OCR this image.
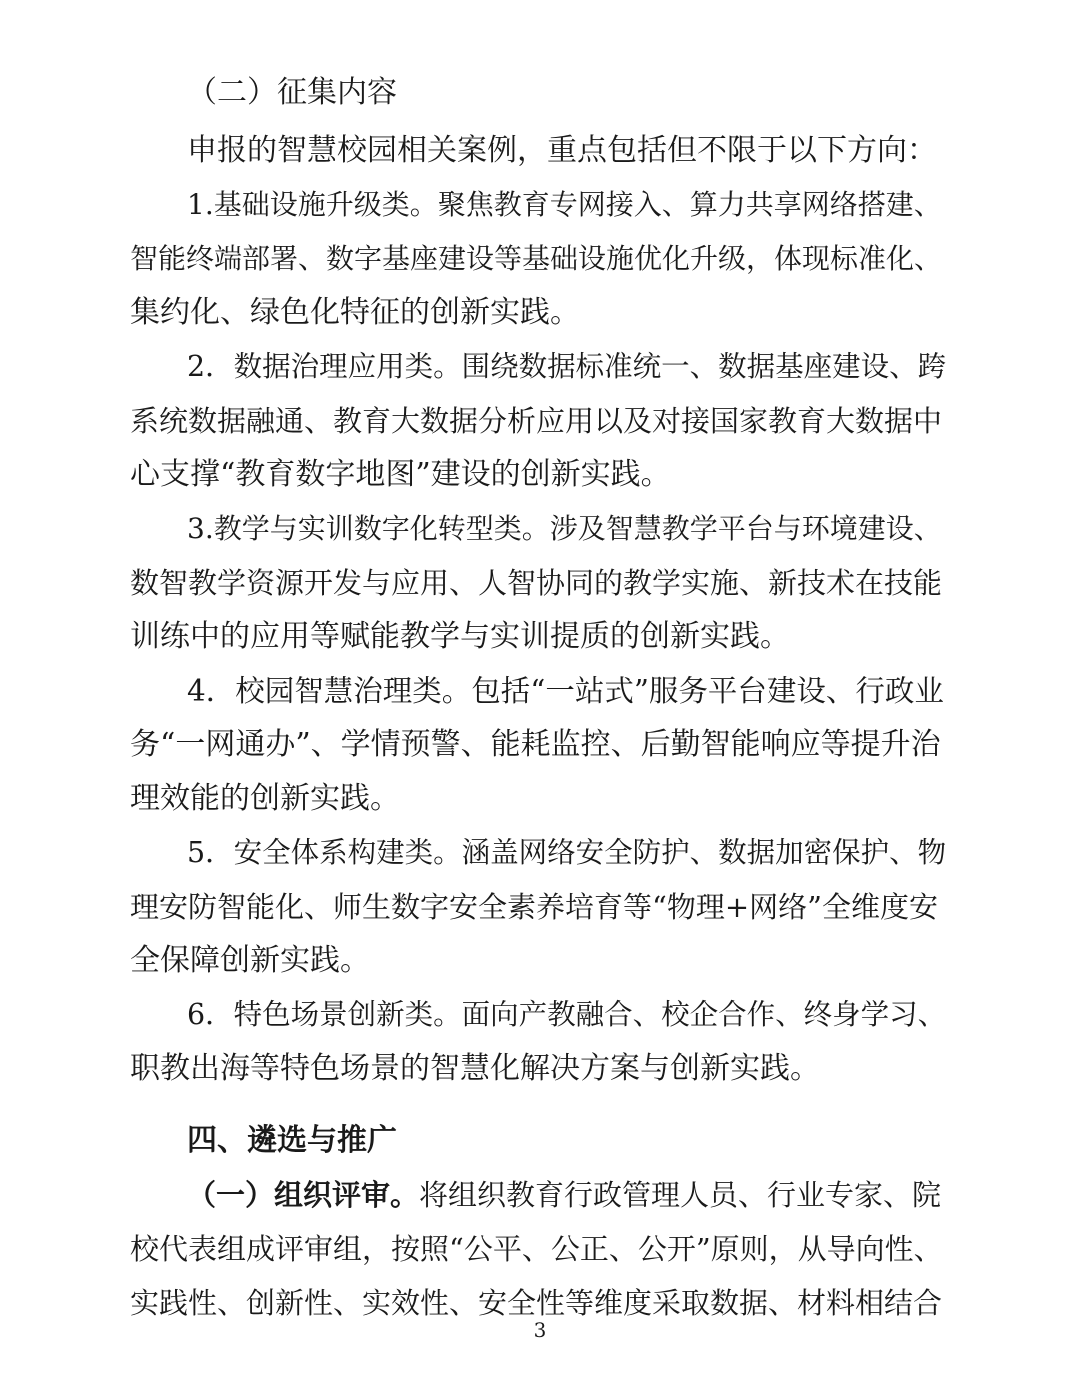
（二）征集内容
申报的智慧校园相关案例，重点包括但不限于以下方向：
1.基础设施升级类。聚焦教育专网接入、算力共享网络搭建、
智能终端部署、数字基座建设等基础设施优化升级，体现标准化、
集约化、绿色化特征的创新实践。
2．数据治理应用类。围绕数据标准统一、数据基座建设、跨
系统数据融通、教育大数据分析应用以及对接国家教育大数据中
心支撑“教育数字地图”建设的创新实践。
3.教学与实训数字化转型类。涉及智慧教学平台与环境建设、
数智教学资源开发与应用、人智协同的教学实施、新技术在技能
训练中的应用等赋能教学与实训提质的创新实践。
4．校园智慧治理类。包括“一站式”服务平台建设、行政业
务“一网通办”、学情预警、能耗监控、后勤智能响应等提升治
理效能的创新实践。
5．安全体系构建类。涵盖网络安全防护、数据加密保护、物
理安防智能化、师生数字安全素养培育等“物理+网络”全维度安
全保障创新实践。
6．特色场景创新类。面向产教融合、校企合作、终身学习、
职教出海等特色场景的智慧化解决方案与创新实践。
四、遴选与推广
（一）组织评审。将组织教育行政管理人员、行业专家、院
校代表组成评审组，按照“公平、公正、公开”原则，从导向性、
实践性、创新性、实效性、安全性等维度采取数据、材料相结合
3
